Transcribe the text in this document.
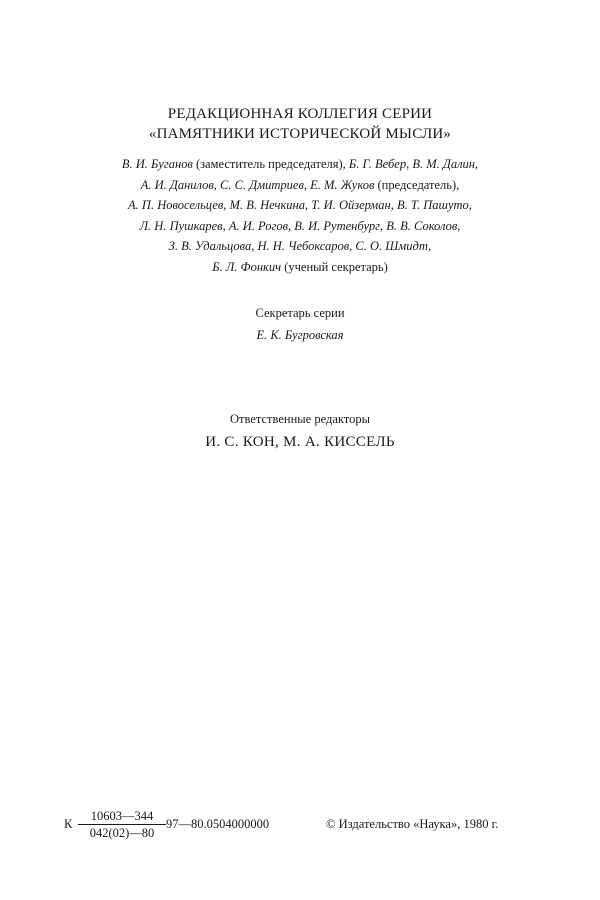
РЕДАКЦИОННАЯ КОЛЛЕГИЯ СЕРИИ
«ПАМЯТНИКИ ИСТОРИЧЕСКОЙ МЫСЛИ»
В. И. Буганов (заместитель председателя), Б. Г. Вебер, В. М. Далин,
А. И. Данилов, С. С. Дмитриев, Е. М. Жуков (председатель),
А. П. Новосельцев, М. В. Нечкина, Т. И. Ойзерман, В. Т. Пашуто,
Л. Н. Пушкарев, А. И. Рогов, В. И. Рутенбург, В. В. Соколов,
З. В. Удальцова, Н. Н. Чебоксаров, С. О. Шмидт,
Б. Л. Фонкич (ученый секретарь)
Секретарь серии
Е. К. Бугровская
Ответственные редакторы
И. С. КОН, М. А. КИССЕЛЬ
К $\frac{10603—344}{042(02)—80}$ 97—80.0504000000	© Издательство «Наука», 1980 г.
